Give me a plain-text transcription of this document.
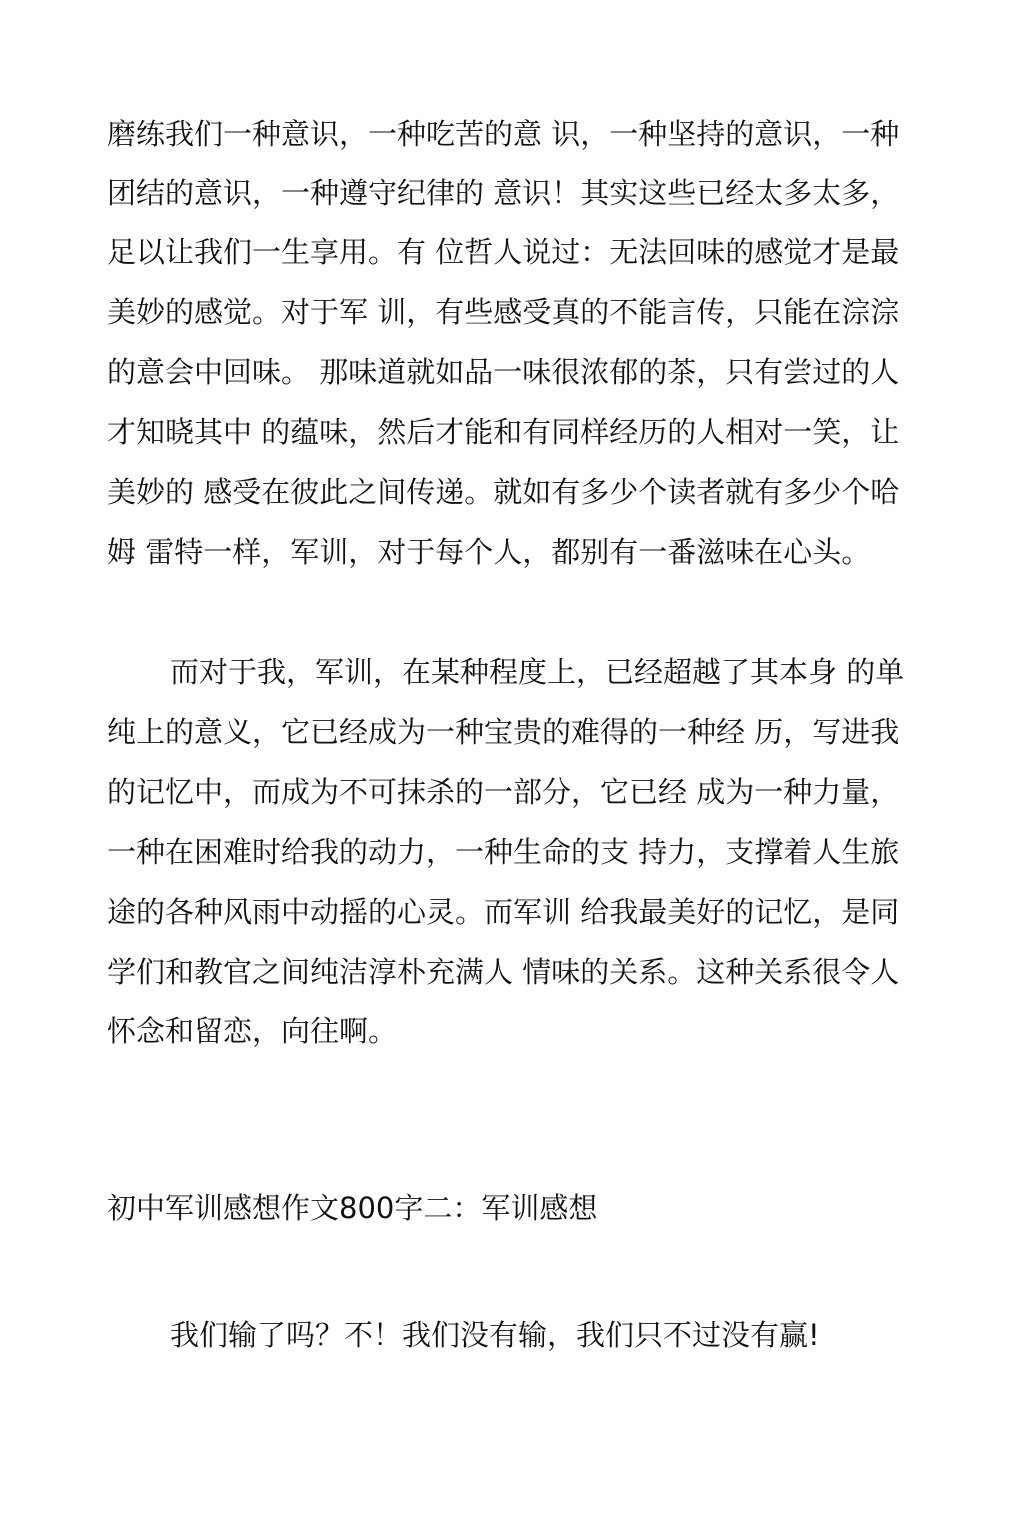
磨练我们一种意识，一种吃苦的意 识，一种坚持的意识，一种
团结的意识，一种遵守纪律的 意识！其实这些已经太多太多，
足以让我们一生享用。有 位哲人说过：无法回味的感觉才是最
美妙的感觉。对于军 训，有些感受真的不能言传，只能在淙淙
的意会中回味。 那味道就如品一味很浓郁的茶，只有尝过的人
才知晓其中 的蕴味，然后才能和有同样经历的人相对一笑，让
美妙的 感受在彼此之间传递。就如有多少个读者就有多少个哈
姆 雷特一样，军训，对于每个人，都别有一番滋味在心头。
而对于我，军训，在某种程度上，已经超越了其本身 的单
纯上的意义，它已经成为一种宝贵的难得的一种经 历，写进我
的记忆中，而成为不可抹杀的一部分，它已经 成为一种力量，
一种在困难时给我的动力，一种生命的支 持力，支撑着人生旅
途的各种风雨中动摇的心灵。而军训 给我最美好的记忆，是同
学们和教官之间纯洁淳朴充满人 情味的关系。这种关系很令人
怀念和留恋，向往啊。
初中军训感想作文800字二：军训感想
我们输了吗？不！我们没有输，我们只不过没有赢!
